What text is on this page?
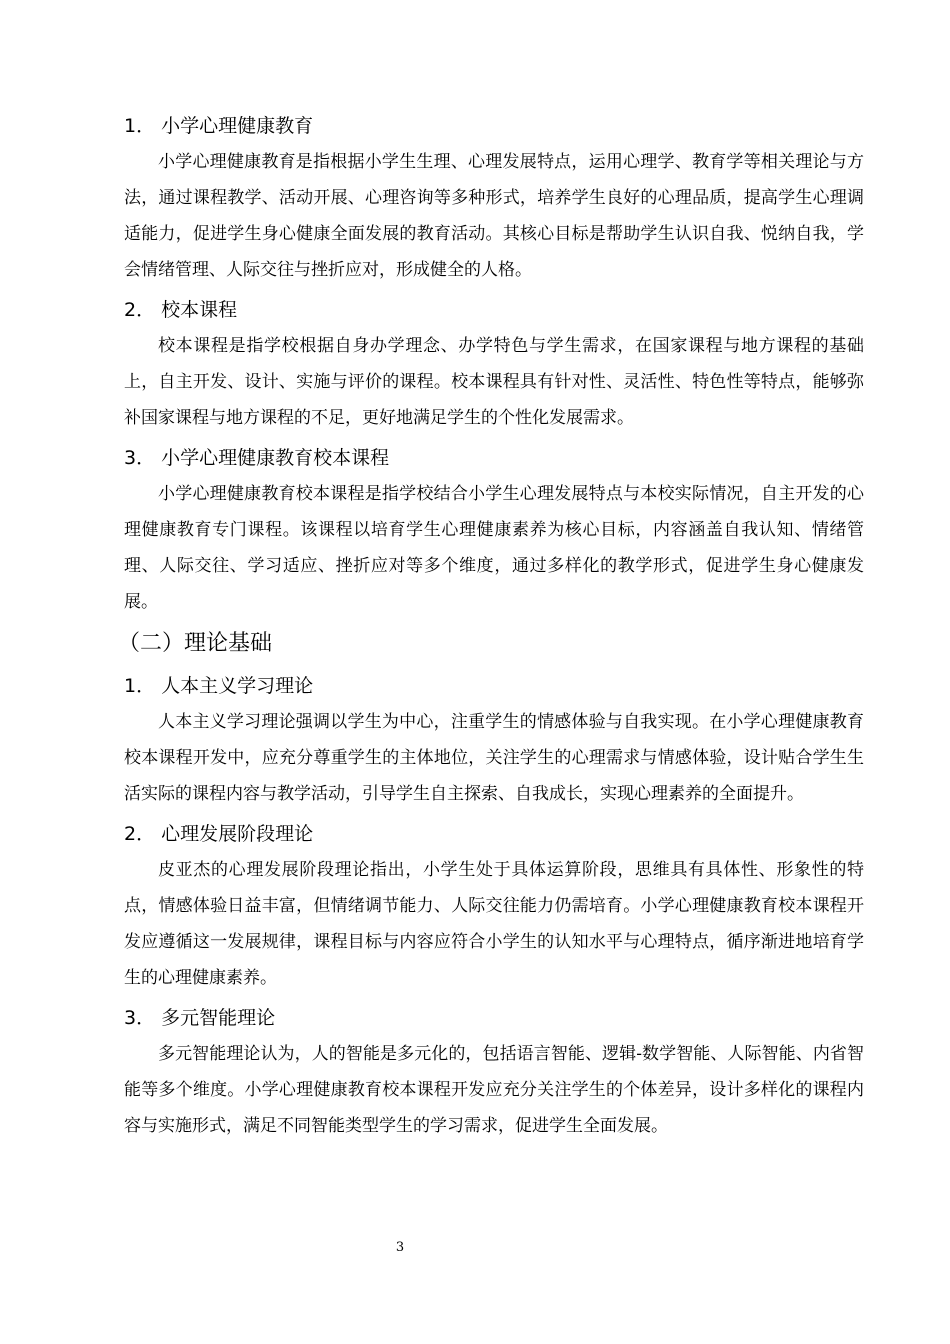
1． 小学心理健康教育

小学心理健康教育是指根据小学生生理、心理发展特点，运用心理学、教育学等相关理论与方法，通过课程教学、活动开展、心理咨询等多种形式，培养学生良好的心理品质，提高学生心理调适能力，促进学生身心健康全面发展的教育活动。其核心目标是帮助学生认识自我、悦纳自我，学会情绪管理、人际交往与挫折应对，形成健全的人格。

2． 校本课程

校本课程是指学校根据自身办学理念、办学特色与学生需求，在国家课程与地方课程的基础上，自主开发、设计、实施与评价的课程。校本课程具有针对性、灵活性、特色性等特点，能够弥补国家课程与地方课程的不足，更好地满足学生的个性化发展需求。

3． 小学心理健康教育校本课程

小学心理健康教育校本课程是指学校结合小学生心理发展特点与本校实际情况，自主开发的心理健康教育专门课程。该课程以培育学生心理健康素养为核心目标，内容涵盖自我认知、情绪管理、人际交往、学习适应、挫折应对等多个维度，通过多样化的教学形式，促进学生身心健康发展。

（二）理论基础
1． 人本主义学习理论

人本主义学习理论强调以学生为中心，注重学生的情感体验与自我实现。在小学心理健康教育校本课程开发中，应充分尊重学生的主体地位，关注学生的心理需求与情感体验，设计贴合学生生活实际的课程内容与教学活动，引导学生自主探索、自我成长，实现心理素养的全面提升。

2． 心理发展阶段理论

皮亚杰的心理发展阶段理论指出，小学生处于具体运算阶段，思维具有具体性、形象性的特点，情感体验日益丰富，但情绪调节能力、人际交往能力仍需培育。小学心理健康教育校本课程开发应遵循这一发展规律，课程目标与内容应符合小学生的认知水平与心理特点，循序渐进地培育学生的心理健康素养。

3． 多元智能理论

多元智能理论认为，人的智能是多元化的，包括语言智能、逻辑-数学智能、人际智能、内省智能等多个维度。小学心理健康教育校本课程开发应充分关注学生的个体差异，设计多样化的课程内容与实施形式，满足不同智能类型学生的学习需求，促进学生全面发展。

3
